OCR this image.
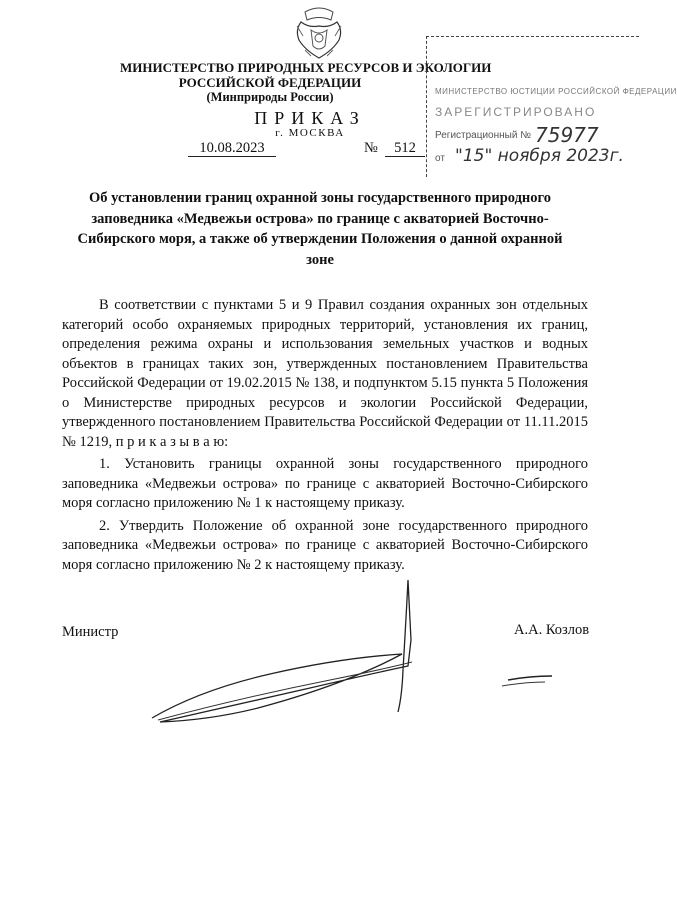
МИНИСТЕРСТВО ПРИРОДНЫХ РЕСУРСОВ И ЭКОЛОГИИ
РОССИЙСКОЙ ФЕДЕРАЦИИ
(Минприроды России)
ПРИКАЗ
г. МОСКВА
10.08.2023	№	512
МИНИСТЕРСТВО ЮСТИЦИИ РОССИЙСКОЙ ФЕДЕРАЦИИ
ЗАРЕГИСТРИРОВАНО
Регистрационный № 75977
от "15" ноября 2023г.
Об установлении границ охранной зоны государственного природного заповедника «Медвежьи острова» по границе с акваторией Восточно-Сибирского моря, а также об утверждении Положения о данной охранной зоне

В соответствии с пунктами 5 и 9 Правил создания охранных зон отдельных категорий особо охраняемых природных территорий, установления их границ, определения режима охраны и использования земельных участков и водных объектов в границах таких зон, утвержденных постановлением Правительства Российской Федерации от 19.02.2015 № 138, и подпунктом 5.15 пункта 5 Положения о Министерстве природных ресурсов и экологии Российской Федерации, утвержденного постановлением Правительства Российской Федерации от 11.11.2015 № 1219, п р и к а з ы в а ю:

1. Установить границы охранной зоны государственного природного заповедника «Медвежьи острова» по границе с акваторией Восточно-Сибирского моря согласно приложению № 1 к настоящему приказу.

2. Утвердить Положение об охранной зоне государственного природного заповедника «Медвежьи острова» по границе с акваторией Восточно-Сибирского моря согласно приложению № 2 к настоящему приказу.

Министр	А.А. Козлов
